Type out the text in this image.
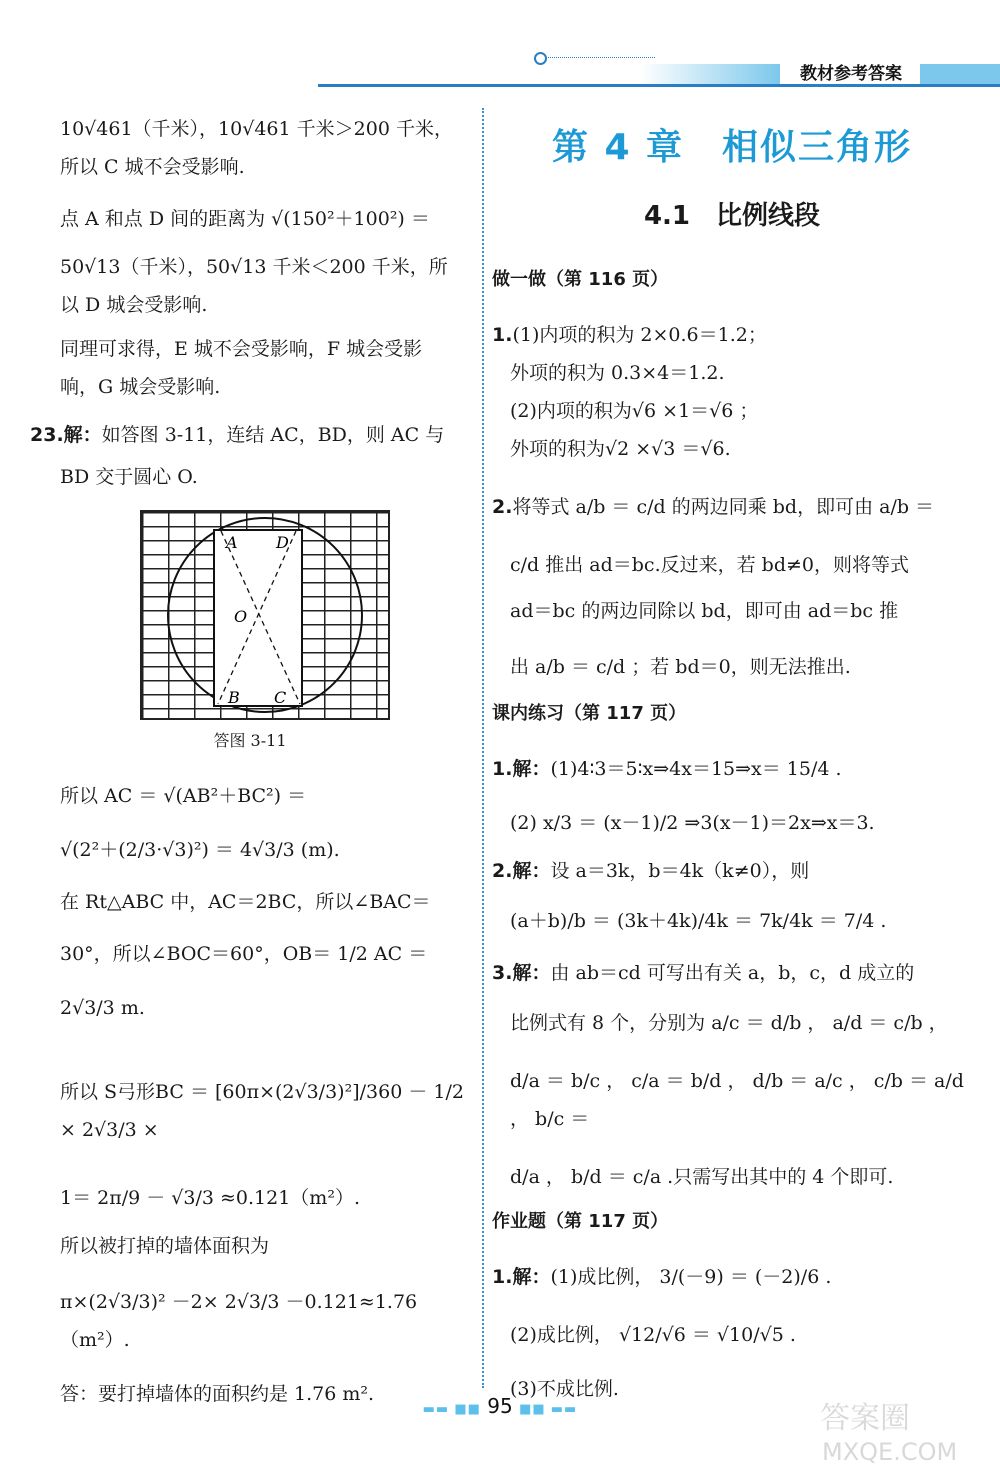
教材参考答案

10√461（千米），10√461 千米＞200 千米，

所以 C 城不会受影响.

点 A 和点 D 间的距离为 √(150²＋100²) ＝

50√13（千米），50√13 千米＜200 千米，所

以 D 城会受影响.

同理可求得，E 城不会受影响，F 城会受影

响，G 城会受影响.

23.解：如答图 3-11，连结 AC，BD，则 AC 与

BD 交于圆心 O.

A D
O
B C

答图 3-11

所以 AC ＝ √(AB²＋BC²) ＝

√(2²＋(2/3·√3)²) ＝ 4√3/3 (m).

在 Rt△ABC 中，AC＝2BC，所以∠BAC＝

30°，所以∠BOC＝60°，OB＝ 1/2 AC ＝

2√3/3 m.

所以 S弓形BC ＝ [60π×(2√3/3)²]/360 － 1/2 × 2√3/3 ×

1＝ 2π/9 － √3/3 ≈0.121（m²）.

所以被打掉的墙体面积为

π×(2√3/3)² －2× 2√3/3 －0.121≈1.76（m²）.

答：要打掉墙体的面积约是 1.76 m².

第 4 章　相似三角形

4.1　比例线段

做一做（第 116 页）

1.(1)内项的积为 2×0.6＝1.2；

外项的积为 0.3×4＝1.2.

(2)内项的积为√6 ×1＝√6 ；

外项的积为√2 ×√3 ＝√6.

2.将等式 a/b ＝ c/d 的两边同乘 bd，即可由 a/b ＝

c/d 推出 ad＝bc.反过来，若 bd≠0，则将等式

ad＝bc 的两边同除以 bd，即可由 ad＝bc 推

出 a/b ＝ c/d ；若 bd＝0，则无法推出.

课内练习（第 117 页）

1.解：(1)4∶3＝5∶x⇒4x＝15⇒x＝ 15/4 .

(2) x/3 ＝ (x－1)/2 ⇒3(x－1)＝2x⇒x＝3.

2.解：设 a＝3k，b＝4k（k≠0），则

(a＋b)/b ＝ (3k＋4k)/4k ＝ 7k/4k ＝ 7/4 .

3.解：由 ab＝cd 可写出有关 a，b，c，d 成立的

比例式有 8 个，分别为 a/c ＝ d/b ， a/d ＝ c/b ，

d/a ＝ b/c ， c/a ＝ b/d ， d/b ＝ a/c ， c/b ＝ a/d ， b/c ＝

d/a ， b/d ＝ c/a .只需写出其中的 4 个即可.

作业题（第 117 页）

1.解：(1)成比例， 3/(－9) ＝ (－2)/6 .

(2)成比例， √12/√6 ＝ √10/√5 .

(3)不成比例.

▬▬ ■■ 95 ■■ ▬▬	答案圈
MXQE.COM
